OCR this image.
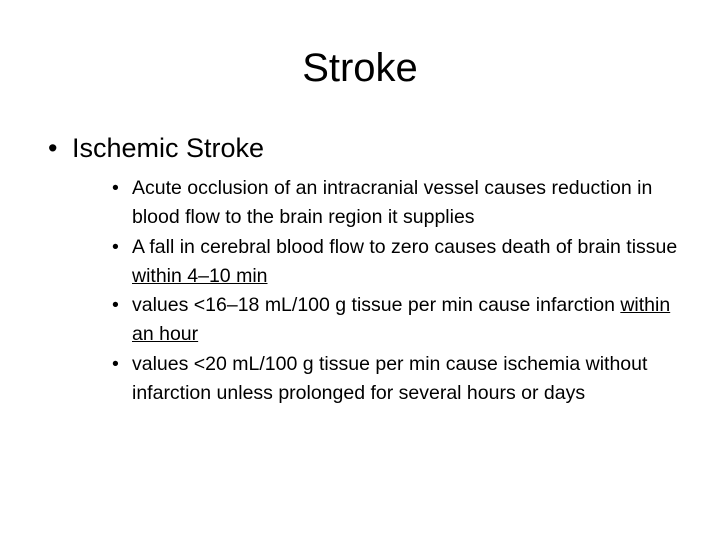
Stroke
• Ischemic Stroke
• Acute occlusion of an intracranial vessel causes reduction in blood flow to the brain region it supplies
• A fall in cerebral blood flow to zero causes death of brain tissue within 4–10 min
• values <16–18 mL/100 g tissue per min cause infarction within an hour
• values <20 mL/100 g tissue per min cause ischemia without infarction unless prolonged for several hours or days
